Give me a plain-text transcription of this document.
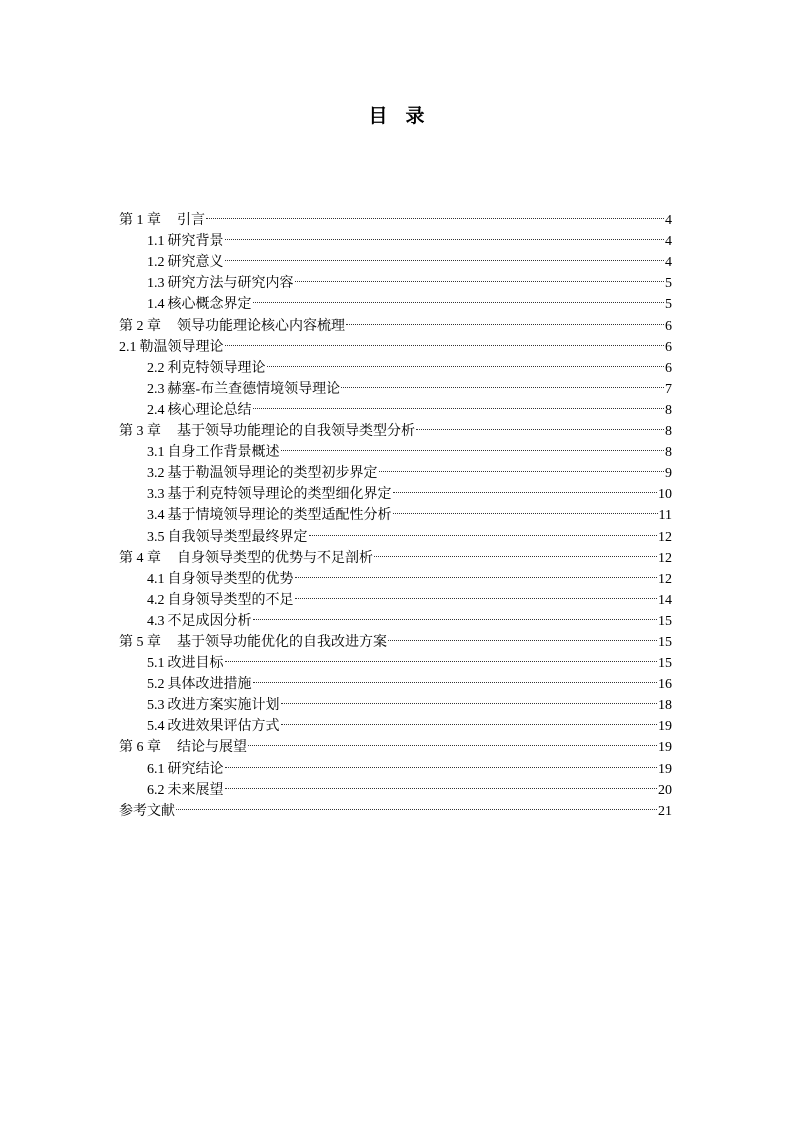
目录
第 1 章 引言	4
1.1 研究背景	4
1.2 研究意义	4
1.3 研究方法与研究内容	5
1.4 核心概念界定	5
第 2 章 领导功能理论核心内容梳理	6
2.1 勒温领导理论	6
2.2 利克特领导理论	6
2.3 赫塞-布兰查德情境领导理论	7
2.4 核心理论总结	8
第 3 章 基于领导功能理论的自我领导类型分析	8
3.1 自身工作背景概述	8
3.2 基于勒温领导理论的类型初步界定	9
3.3 基于利克特领导理论的类型细化界定	10
3.4 基于情境领导理论的类型适配性分析	11
3.5 自我领导类型最终界定	12
第 4 章 自身领导类型的优势与不足剖析	12
4.1 自身领导类型的优势	12
4.2 自身领导类型的不足	14
4.3 不足成因分析	15
第 5 章 基于领导功能优化的自我改进方案	15
5.1 改进目标	15
5.2 具体改进措施	16
5.3 改进方案实施计划	18
5.4 改进效果评估方式	19
第 6 章 结论与展望	19
6.1 研究结论	19
6.2 未来展望	20
参考文献	21
